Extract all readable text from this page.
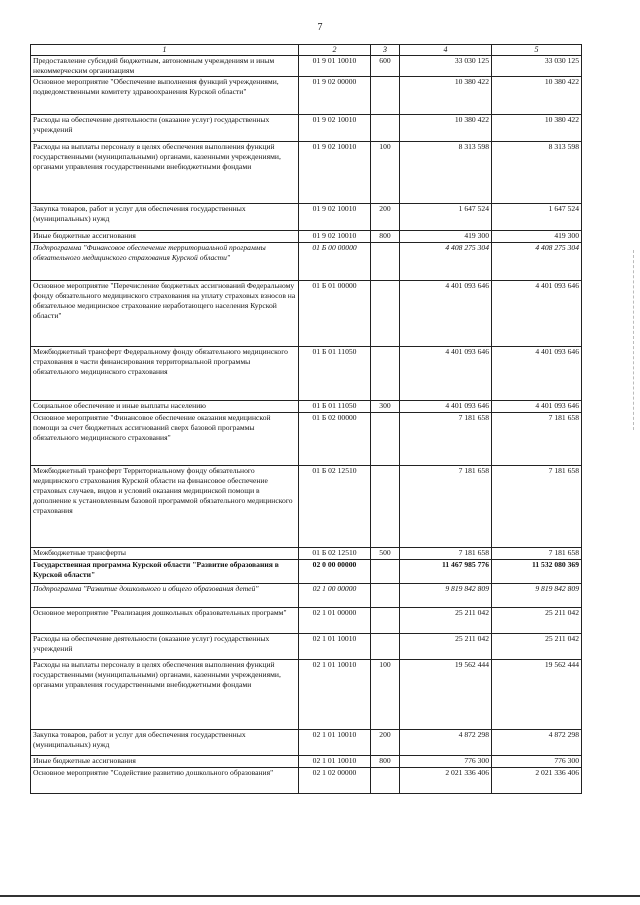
7
1	2	3	4	5
Предоставление субсидий бюджетным, автономным учреждениям и иным некоммерческим организациям	01 9 01 10010	600	33 030 125	33 030 125
Основное мероприятие "Обеспечение выполнения функций учреждениями, подведомственными комитету здравоохранения Курской области"	01 9 02 00000		10 380 422	10 380 422
Расходы на обеспечение деятельности (оказание услуг) государственных учреждений	01 9 02 10010		10 380 422	10 380 422
Расходы на выплаты персоналу в целях обеспечения выполнения функций государственными (муниципальными) органами, казенными учреждениями, органами управления государственными внебюджетными фондами	01 9 02 10010	100	8 313 598	8 313 598
Закупка товаров, работ и услуг для обеспечения государственных (муниципальных) нужд	01 9 02 10010	200	1 647 524	1 647 524
Иные бюджетные ассигнования	01 9 02 10010	800	419 300	419 300
Подпрограмма "Финансовое обеспечение территориальной программы обязательного медицинского страхования Курской области"	01 Б 00 00000		4 408 275 304	4 408 275 304
Основное мероприятие "Перечисление бюджетных ассигнований Федеральному фонду обязательного медицинского страхования на уплату страховых взносов на обязательное медицинское страхование неработающего населения Курской области"	01 Б 01 00000		4 401 093 646	4 401 093 646
Межбюджетный трансферт Федеральному фонду обязательного медицинского страхования в части финансирования территориальной программы обязательного медицинского страхования	01 Б 01 11050		4 401 093 646	4 401 093 646
Социальное обеспечение и иные выплаты населению	01 Б 01 11050	300	4 401 093 646	4 401 093 646
Основное мероприятие "Финансовое обеспечение оказания медицинской помощи за счет бюджетных ассигнований сверх базовой программы обязательного медицинского страхования"	01 Б 02 00000		7 181 658	7 181 658
Межбюджетный трансферт Территориальному фонду обязательного медицинского страхования Курской области на финансовое обеспечение страховых случаев, видов и условий оказания медицинской помощи в дополнение к установленным базовой программой обязательного медицинского страхования	01 Б 02 12510		7 181 658	7 181 658
Межбюджетные трансферты	01 Б 02 12510	500	7 181 658	7 181 658
Государственная программа Курской области "Развитие образования в Курской области"	02 0 00 00000		11 467 985 776	11 532 080 369
Подпрограмма "Развитие дошкольного и общего образования детей"	02 1 00 00000		9 819 842 809	9 819 842 809
Основное мероприятие "Реализация дошкольных образовательных программ"	02 1 01 00000		25 211 042	25 211 042
Расходы на обеспечение деятельности (оказание услуг) государственных учреждений	02 1 01 10010		25 211 042	25 211 042
Расходы на выплаты персоналу в целях обеспечения выполнения функций государственными (муниципальными) органами, казенными учреждениями, органами управления государственными внебюджетными фондами	02 1 01 10010	100	19 562 444	19 562 444
Закупка товаров, работ и услуг для обеспечения государственных (муниципальных) нужд	02 1 01 10010	200	4 872 298	4 872 298
Иные бюджетные ассигнования	02 1 01 10010	800	776 300	776 300
Основное мероприятие "Содействие развитию дошкольного образования"	02 1 02 00000		2 021 336 406	2 021 336 406
